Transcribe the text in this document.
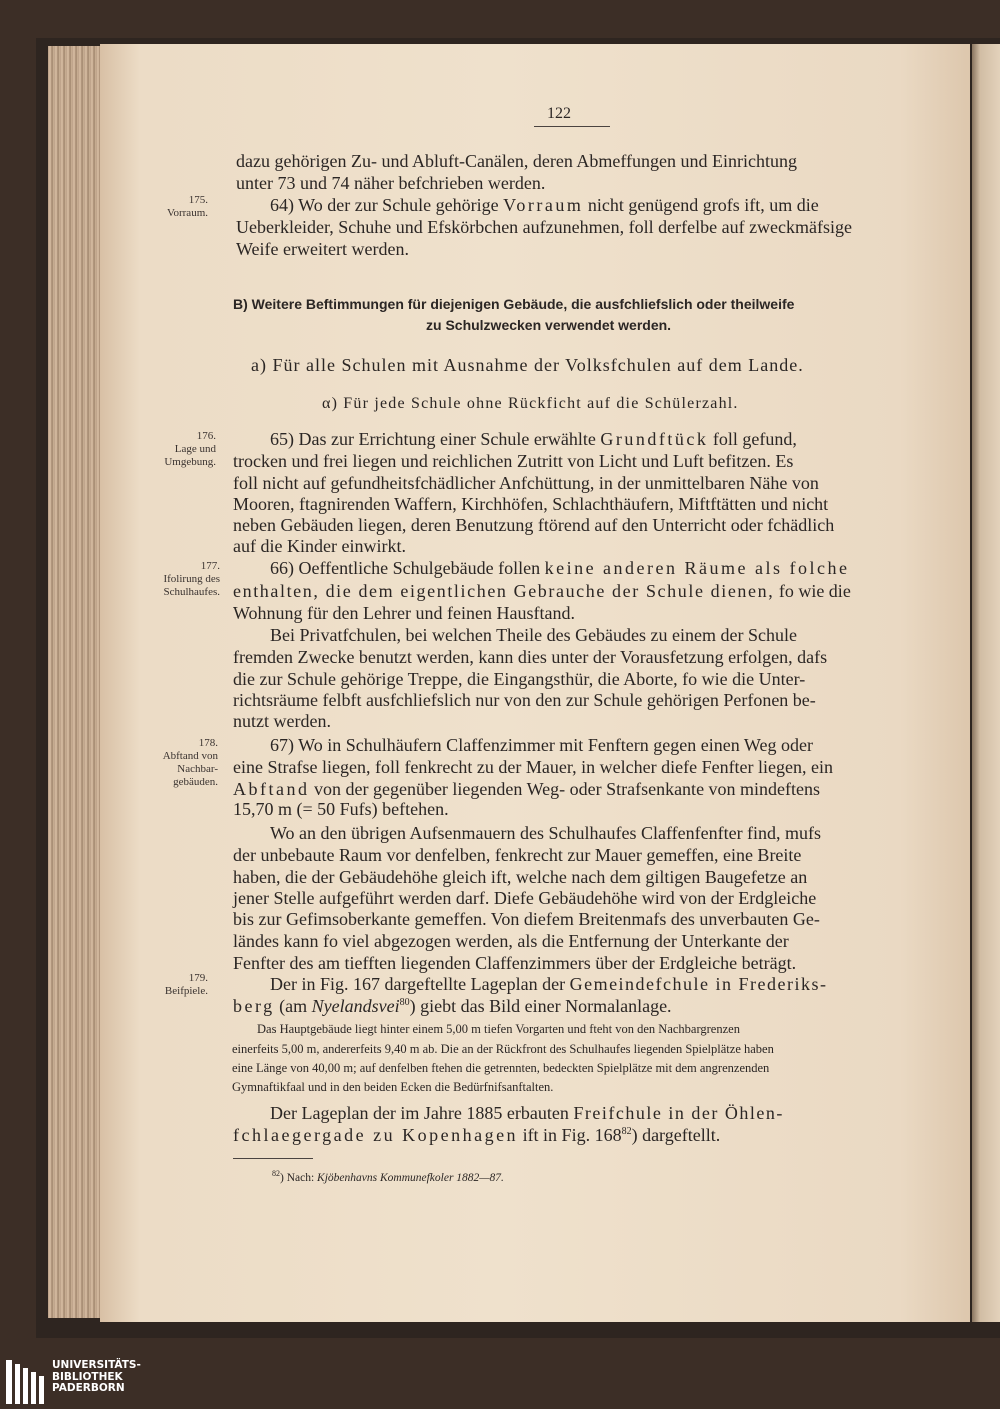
122
175.
Vorraum.
176.
Lage und
Umgebung.
177.
Ifolirung des
Schulhaufes.
178.
Abftand von
Nachbar-
gebäuden.
179.
Beifpiele.
dazu gehörigen Zu- und Abluft-Canälen, deren Abmeffungen und Einrichtung
unter 73 und 74 näher befchrieben werden.
64) Wo der zur Schule gehörige Vorraum nicht genügend grofs ift, um die
Ueberkleider, Schuhe und Efskörbchen aufzunehmen, foll derfelbe auf zweckmäfsige
Weife erweitert werden.
B) Weitere Beftimmungen für diejenigen Gebäude, die ausfchliefslich oder theilweife
zu Schulzwecken verwendet werden.
a) Für alle Schulen mit Ausnahme der Volksfchulen auf dem Lande.
α) Für jede Schule ohne Rückficht auf die Schülerzahl.
65) Das zur Errichtung einer Schule erwählte Grundftück foll gefund,
trocken und frei liegen und reichlichen Zutritt von Licht und Luft befitzen. Es
foll nicht auf gefundheitsfchädlicher Anfchüttung, in der unmittelbaren Nähe von
Mooren, ftagnirenden Waffern, Kirchhöfen, Schlachthäufern, Miftftätten und nicht
neben Gebäuden liegen, deren Benutzung ftörend auf den Unterricht oder fchädlich
auf die Kinder einwirkt.
66) Oeffentliche Schulgebäude follen keine anderen Räume als folche
enthalten, die dem eigentlichen Gebrauche der Schule dienen, fo wie die
Wohnung für den Lehrer und feinen Hausftand.
Bei Privatfchulen, bei welchen Theile des Gebäudes zu einem der Schule
fremden Zwecke benutzt werden, kann dies unter der Vorausfetzung erfolgen, dafs
die zur Schule gehörige Treppe, die Eingangsthür, die Aborte, fo wie die Unter-
richtsräume felbft ausfchliefslich nur von den zur Schule gehörigen Perfonen be-
nutzt werden.
67) Wo in Schulhäufern Claffenzimmer mit Fenftern gegen einen Weg oder
eine Strafse liegen, foll fenkrecht zu der Mauer, in welcher diefe Fenfter liegen, ein
Abftand von der gegenüber liegenden Weg- oder Strafsenkante von mindeftens
15,70 m (= 50 Fufs) beftehen.
Wo an den übrigen Aufsenmauern des Schulhaufes Claffenfenfter find, mufs
der unbebaute Raum vor denfelben, fenkrecht zur Mauer gemeffen, eine Breite
haben, die der Gebäudehöhe gleich ift, welche nach dem giltigen Baugefetze an
jener Stelle aufgeführt werden darf. Diefe Gebäudehöhe wird von der Erdgleiche
bis zur Gefimsoberkante gemeffen. Von diefem Breitenmafs des unverbauten Ge-
ländes kann fo viel abgezogen werden, als die Entfernung der Unterkante der
Fenfter des am tiefften liegenden Claffenzimmers über der Erdgleiche beträgt.
Der in Fig. 167 dargeftellte Lageplan der Gemeindefchule in Frederiks-
berg (am Nyelandsvei$^{80}$) giebt das Bild einer Normalanlage.
Das Hauptgebäude liegt hinter einem 5,00 m tiefen Vorgarten und fteht von den Nachbargrenzen
einerfeits 5,00 m, andererfeits 9,40 m ab. Die an der Rückfront des Schulhaufes liegenden Spielplätze haben
eine Länge von 40,00 m; auf denfelben ftehen die getrennten, bedeckten Spielplätze mit dem angrenzenden
Gymnaftikfaal und in den beiden Ecken die Bedürfnifsanftalten.
Der Lageplan der im Jahre 1885 erbauten Freifchule in der Öhlen-
fchlaegergade zu Kopenhagen ift in Fig. $168^{82}$) dargeftellt.
$^{82}$) Nach: Kjöbenhavns Kommunefkoler 1882—87.
UNIVERSITÄTS-
BIBLIOTHEK
PADERBORN
